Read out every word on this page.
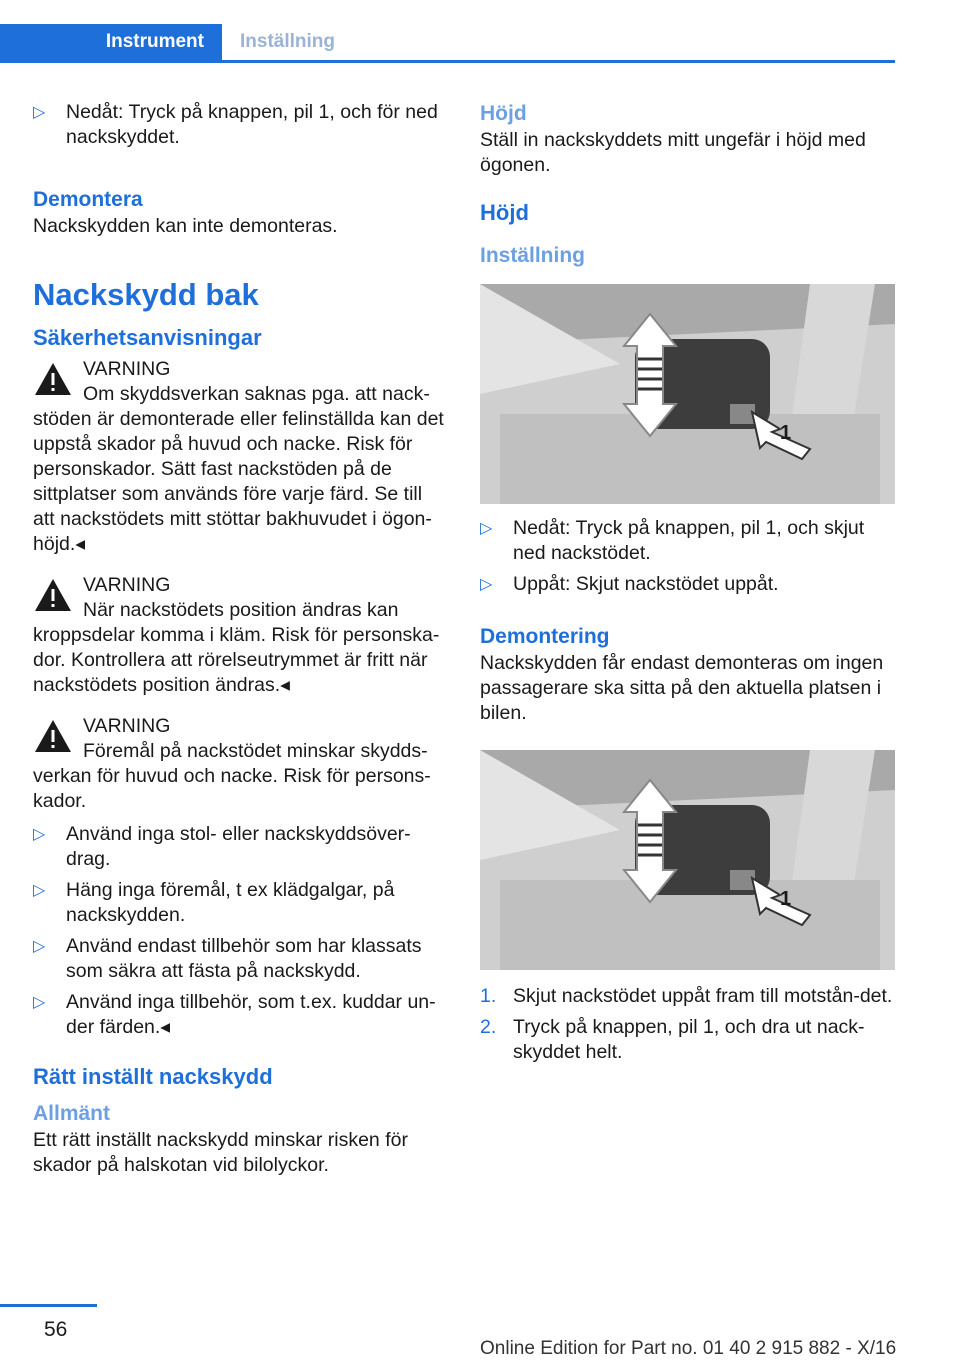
Instrument Inställning
▷	Nedåt: Tryck på knappen, pil 1, och för ned nackskyddet.

Demontera

Nackskydden kan inte demonteras.

Nackskydd bak

Säkerhetsanvisningar

VARNING
Om skyddsverkan saknas pga. att nack-
stöden är demonterade eller felinställda kan det uppstå skador på huvud och nacke. Risk för personskador. Sätt fast nackstöden på de sittplatser som används före varje färd. Se till att nackstödets mitt stöttar bakhuvudet i ögon-höjd.◂
VARNING
När nackstödets position ändras kan
kroppsdelar komma i kläm. Risk för personska-dor. Kontrollera att rörelseutrymmet är fritt när nackstödets position ändras.◂
VARNING
Föremål på nackstödet minskar skydds-
verkan för huvud och nacke. Risk för persons-kador.
▷	Använd inga stol- eller nackskyddsöver-drag.
▷	Häng inga föremål, t ex klädgalgar, på nackskydden.
▷	Använd endast tillbehör som har klassats som säkra att fästa på nackskydd.
▷	Använd inga tillbehör, som t.ex. kuddar un-der färden.◂

Rätt inställt nackskydd

Allmänt

Ett rätt inställt nackskydd minskar risken för skador på halskotan vid bilolyckor.

Höjd

Ställ in nackskyddets mitt ungefär i höjd med ögonen.

Höjd

Inställning

1
▷	Nedåt: Tryck på knappen, pil 1, och skjut ned nackstödet.
▷	Uppåt: Skjut nackstödet uppåt.

Demontering

Nackskydden får endast demonteras om ingen passagerare ska sitta på den aktuella platsen i bilen.

1
1. Skjut nackstödet uppåt fram till motstån-det.
2. Tryck på knappen, pil 1, och dra ut nack-skyddet helt.
56
Online Edition for Part no. 01 40 2 915 882 - X/16
